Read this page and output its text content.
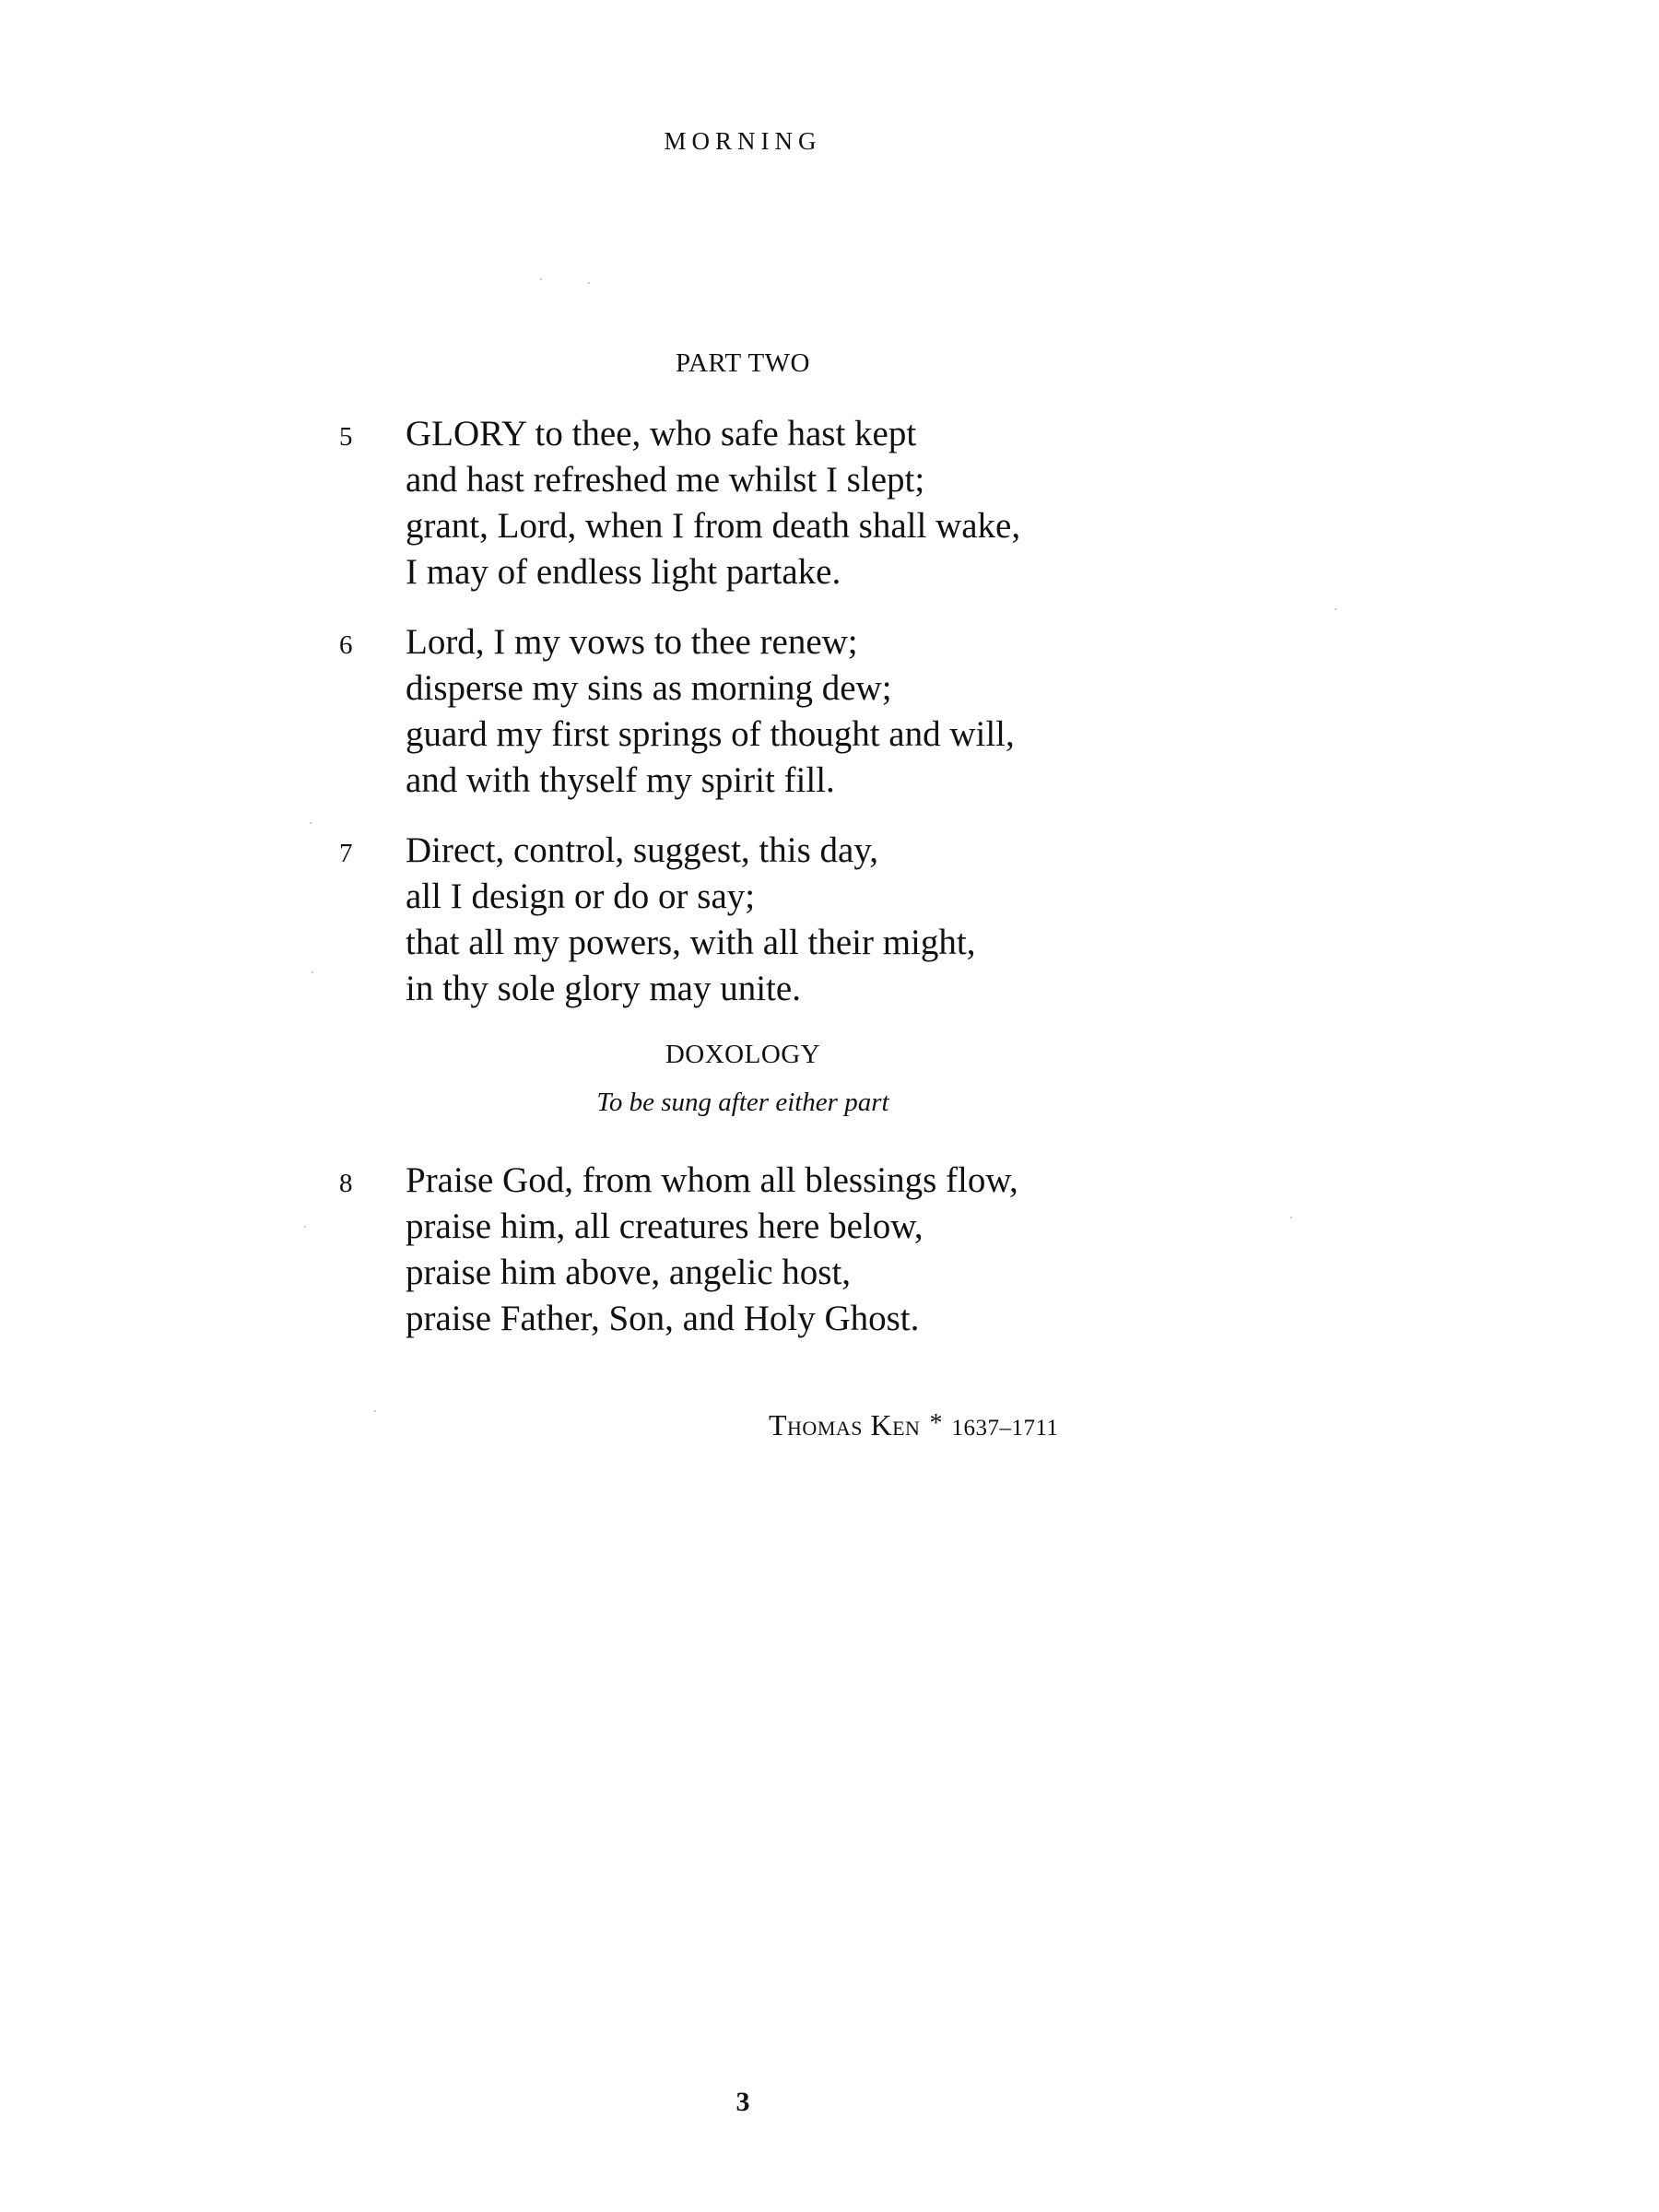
MORNING
PART TWO
5 GLORY to thee, who safe hast kept
and hast refreshed me whilst I slept;
grant, Lord, when I from death shall wake,
I may of endless light partake.
6 Lord, I my vows to thee renew;
disperse my sins as morning dew;
guard my first springs of thought and will,
and with thyself my spirit fill.
7 Direct, control, suggest, this day,
all I design or do or say;
that all my powers, with all their might,
in thy sole glory may unite.
DOXOLOGY
To be sung after either part
8 Praise God, from whom all blessings flow,
praise him, all creatures here below,
praise him above, angelic host,
praise Father, Son, and Holy Ghost.
Thomas Ken * 1637–1711
3
